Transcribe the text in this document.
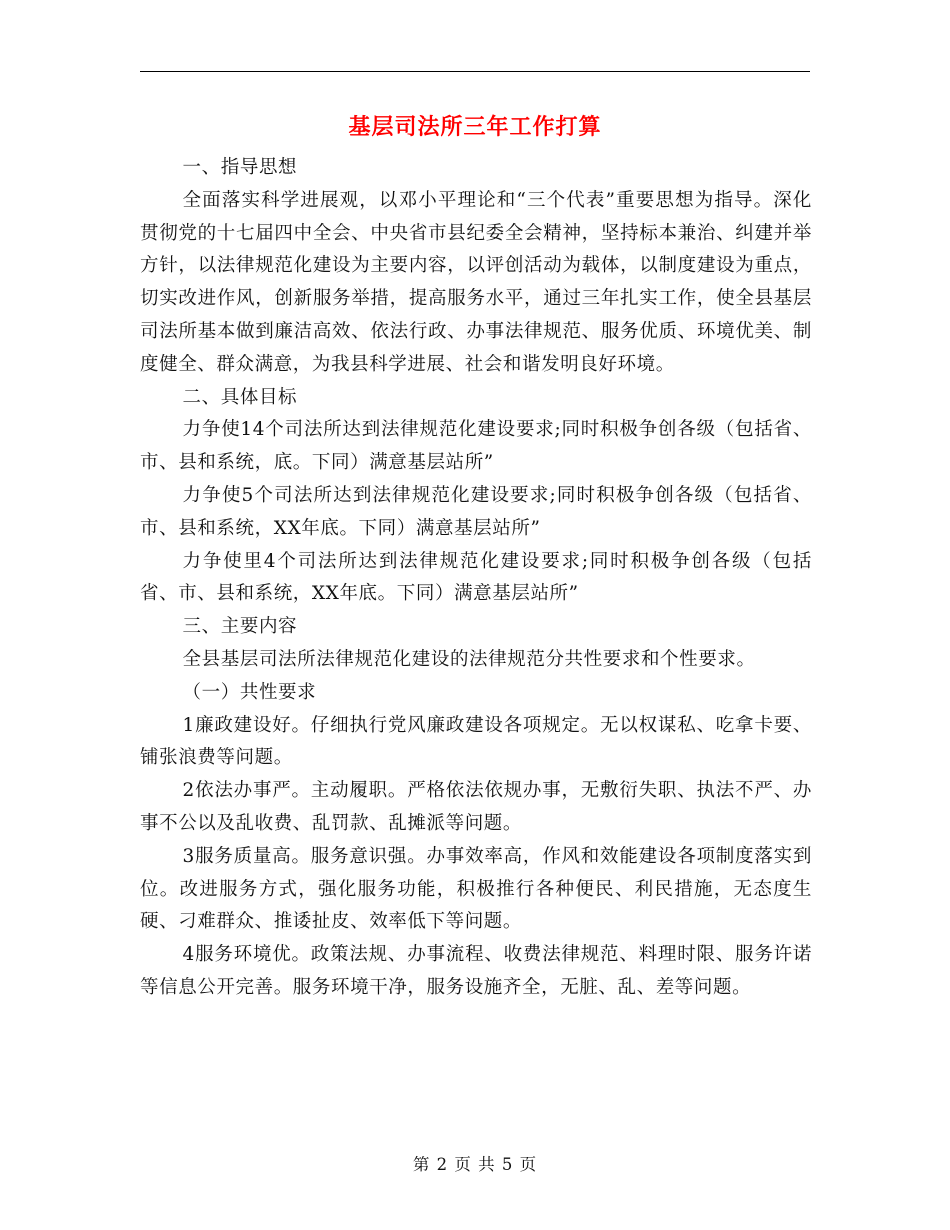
基层司法所三年工作打算

一、指导思想

全面落实科学进展观，以邓小平理论和“三个代表”重要思想为指导。深化贯彻党的十七届四中全会、中央省市县纪委全会精神，坚持标本兼治、纠建并举方针，以法律规范化建设为主要内容，以评创活动为载体，以制度建设为重点，切实改进作风，创新服务举措，提高服务水平，通过三年扎实工作，使全县基层司法所基本做到廉洁高效、依法行政、办事法律规范、服务优质、环境优美、制度健全、群众满意，为我县科学进展、社会和谐发明良好环境。

二、具体目标

力争使14个司法所达到法律规范化建设要求;同时积极争创各级（包括省、市、县和系统，底。下同）满意基层站所”

力争使5个司法所达到法律规范化建设要求;同时积极争创各级（包括省、市、县和系统，XX年底。下同）满意基层站所”

力争使里4个司法所达到法律规范化建设要求;同时积极争创各级（包括省、市、县和系统，XX年底。下同）满意基层站所”

三、主要内容

全县基层司法所法律规范化建设的法律规范分共性要求和个性要求。

（一）共性要求

1廉政建设好。仔细执行党风廉政建设各项规定。无以权谋私、吃拿卡要、铺张浪费等问题。

2依法办事严。主动履职。严格依法依规办事，无敷衍失职、执法不严、办事不公以及乱收费、乱罚款、乱摊派等问题。

3服务质量高。服务意识强。办事效率高，作风和效能建设各项制度落实到位。改进服务方式，强化服务功能，积极推行各种便民、利民措施，无态度生硬、刁难群众、推诿扯皮、效率低下等问题。

4服务环境优。政策法规、办事流程、收费法律规范、料理时限、服务许诺等信息公开完善。服务环境干净，服务设施齐全，无脏、乱、差等问题。

第 2 页 共 5 页
